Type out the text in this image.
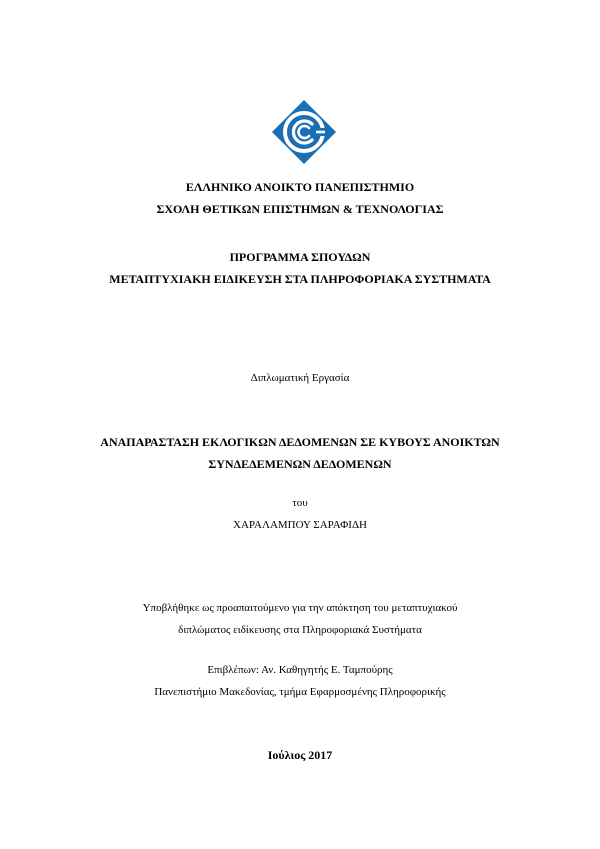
ΕΛΛΗΝΙΚΟ ΑΝΟΙΚΤΟ ΠΑΝΕΠΙΣΤΗΜΙΟ
ΣΧΟΛΗ ΘΕΤΙΚΩΝ ΕΠΙΣΤΗΜΩΝ & ΤΕΧΝΟΛΟΓΙΑΣ
ΠΡΟΓΡΑΜΜΑ ΣΠΟΥΔΩΝ
ΜΕΤΑΠΤΥΧΙΑΚΗ ΕΙΔΙΚΕΥΣΗ ΣΤΑ ΠΛΗΡΟΦΟΡΙΑΚΑ ΣΥΣΤΗΜΑΤΑ
Διπλωματική Εργασία
ΑΝΑΠΑΡΑΣΤΑΣΗ ΕΚΛΟΓΙΚΩΝ ΔΕΔΟΜΕΝΩΝ ΣΕ ΚΥΒΟΥΣ ΑΝΟΙΚΤΩΝ
ΣΥΝΔΕΔΕΜΕΝΩΝ ΔΕΔΟΜΕΝΩΝ
του
ΧΑΡΑΛΑΜΠΟΥ ΣΑΡΑΦΙΔΗ
Υποβλήθηκε ως προαπαιτούμενο για την απόκτηση του μεταπτυχιακού
διπλώματος ειδίκευσης στα Πληροφοριακά Συστήματα
Επιβλέπων: Αν. Καθηγητής Ε. Ταμπούρης
Πανεπιστήμιο Μακεδονίας, τμήμα Εφαρμοσμένης Πληροφορικής
Ιούλιος 2017
